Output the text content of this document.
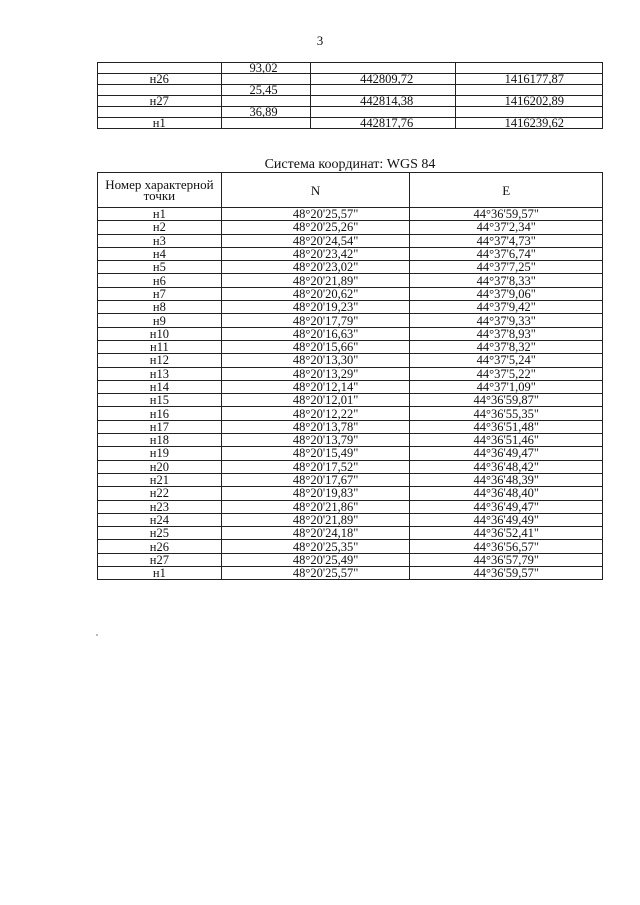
3
	93,02		
н26		442809,72	1416177,87
	25,45		
н27		442814,38	1416202,89
	36,89		
н1		442817,76	1416239,62
Система координат: WGS 84
Номер характерной точки	N	E
н1	48°20'25,57"	44°36'59,57"
н2	48°20'25,26"	44°37'2,34"
н3	48°20'24,54"	44°37'4,73"
н4	48°20'23,42"	44°37'6,74"
н5	48°20'23,02"	44°37'7,25"
н6	48°20'21,89"	44°37'8,33"
н7	48°20'20,62"	44°37'9,06"
н8	48°20'19,23"	44°37'9,42"
н9	48°20'17,79"	44°37'9,33"
н10	48°20'16,63"	44°37'8,93"
н11	48°20'15,66"	44°37'8,32"
н12	48°20'13,30"	44°37'5,24"
н13	48°20'13,29"	44°37'5,22"
н14	48°20'12,14"	44°37'1,09"
н15	48°20'12,01"	44°36'59,87"
н16	48°20'12,22"	44°36'55,35"
н17	48°20'13,78"	44°36'51,48"
н18	48°20'13,79"	44°36'51,46"
н19	48°20'15,49"	44°36'49,47"
н20	48°20'17,52"	44°36'48,42"
н21	48°20'17,67"	44°36'48,39"
н22	48°20'19,83"	44°36'48,40"
н23	48°20'21,86"	44°36'49,47"
н24	48°20'21,89"	44°36'49,49"
н25	48°20'24,18"	44°36'52,41"
н26	48°20'25,35"	44°36'56,57"
н27	48°20'25,49"	44°36'57,79"
н1	48°20'25,57"	44°36'59,57"
